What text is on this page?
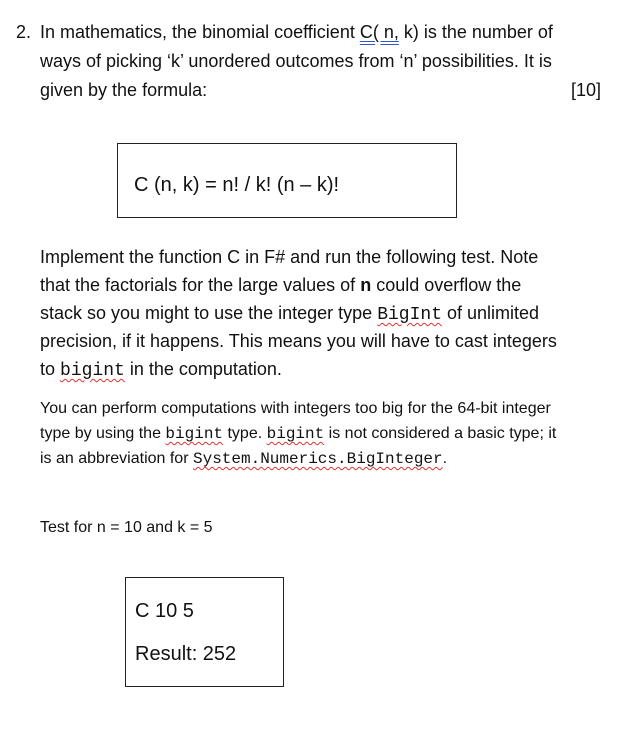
2. In mathematics, the binomial coefficient C( n, k) is the number of
ways of picking ‘k’ unordered outcomes from ‘n’ possibilities. It is
given by the formula:	[10]
C (n, k) = n! / k! (n – k)!
Implement the function C in F# and run the following test. Note
that the factorials for the large values of n could overflow the
stack so you might to use the integer type BigInt of unlimited
precision, if it happens. This means you will have to cast integers
to bigint in the computation.
You can perform computations with integers too big for the 64-bit integer
type by using the bigint type. bigint is not considered a basic type; it
is an abbreviation for System.Numerics.BigInteger.
Test for n = 10 and k = 5
C 10 5
Result: 252
